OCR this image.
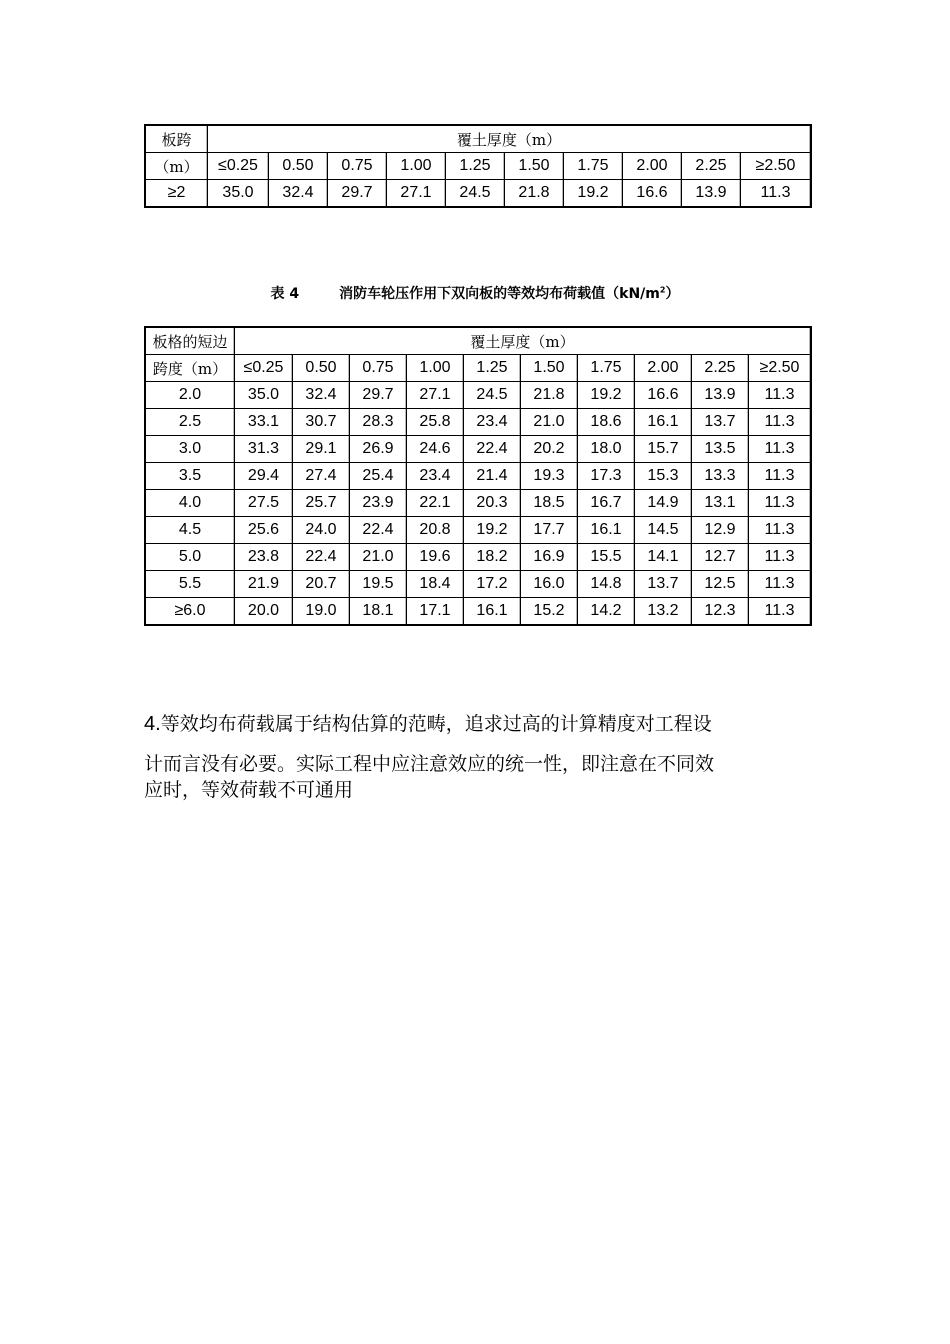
板跨	覆土厚度（m）									
（m）	≤0.25	0.50	0.75	1.00	1.25	1.50	1.75	2.00	2.25	≥2.50
≥2	35.0	32.4	29.7	27.1	24.5	21.8	19.2	16.6	13.9	11.3
表 4	消防车轮压作用下双向板的等效均布荷载值$(kN/m^2)$
板格的短边	覆土厚度（m）									
跨度（m）	≤0.25	0.50	0.75	1.00	1.25	1.50	1.75	2.00	2.25	≥2.50
2.0	35.0	32.4	29.7	27.1	24.5	21.8	19.2	16.6	13.9	11.3
2.5	33.1	30.7	28.3	25.8	23.4	21.0	18.6	16.1	13.7	11.3
3.0	31.3	29.1	26.9	24.6	22.4	20.2	18.0	15.7	13.5	11.3
3.5	29.4	27.4	25.4	23.4	21.4	19.3	17.3	15.3	13.3	11.3
4.0	27.5	25.7	23.9	22.1	20.3	18.5	16.7	14.9	13.1	11.3
4.5	25.6	24.0	22.4	20.8	19.2	17.7	16.1	14.5	12.9	11.3
5.0	23.8	22.4	21.0	19.6	18.2	16.9	15.5	14.1	12.7	11.3
5.5	21.9	20.7	19.5	18.4	17.2	16.0	14.8	13.7	12.5	11.3
≥6.0	20.0	19.0	18.1	17.1	16.1	15.2	14.2	13.2	12.3	11.3

4.等效均布荷载属于结构估算的范畴，追求过高的计算精度对工程设

计而言没有必要。实际工程中应注意效应的统一性，即注意在不同效

应时，等效荷载不可通用
